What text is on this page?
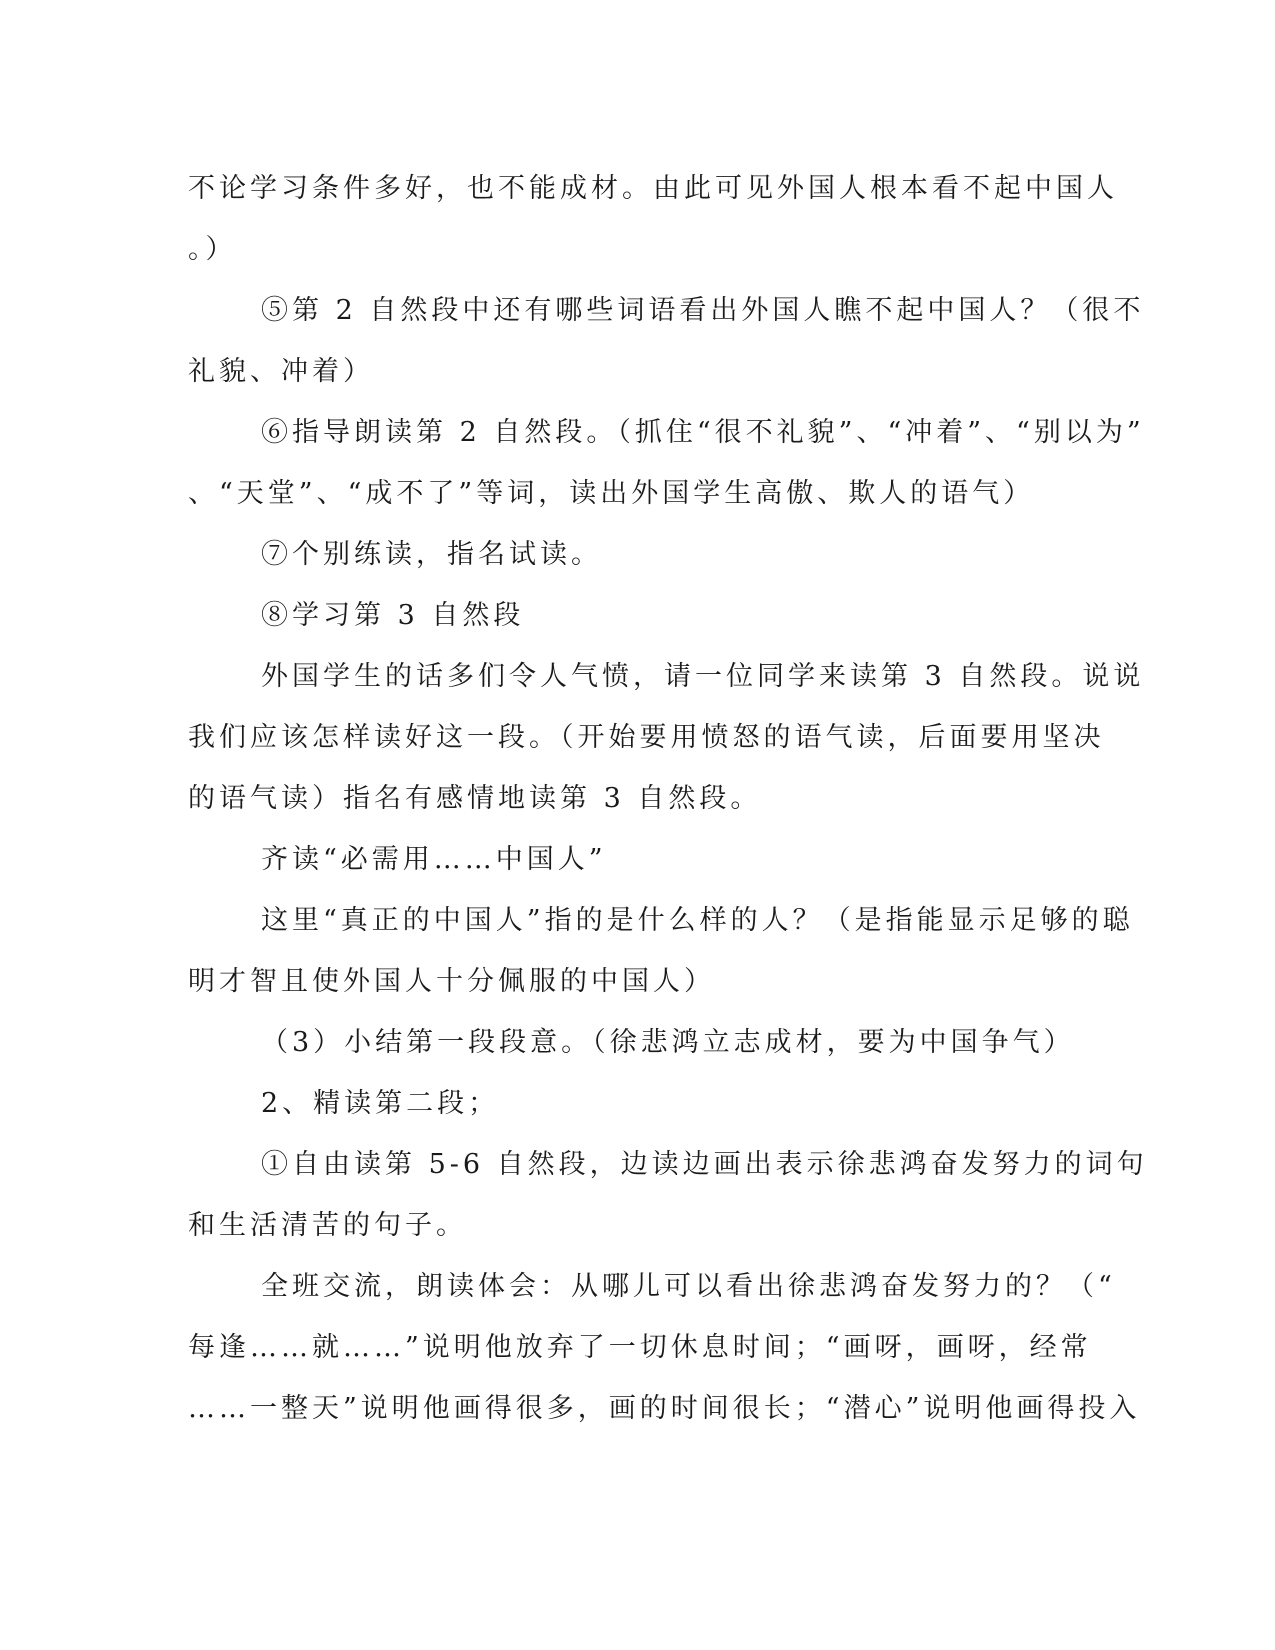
不论学习条件多好，也不能成材。由此可见外国人根本看不起中国人
。）
⑤第 2 自然段中还有哪些词语看出外国人瞧不起中国人？（很不
礼貌、冲着）
⑥指导朗读第 2 自然段。（抓住“很不礼貌”、“冲着”、“别以为”
、“天堂”、“成不了”等词，读出外国学生高傲、欺人的语气）
⑦个别练读，指名试读。
⑧学习第 3 自然段
外国学生的话多们令人气愤，请一位同学来读第 3 自然段。说说
我们应该怎样读好这一段。（开始要用愤怒的语气读，后面要用坚决
的语气读）指名有感情地读第 3 自然段。
齐读“必需用……中国人”
这里“真正的中国人”指的是什么样的人？（是指能显示足够的聪
明才智且使外国人十分佩服的中国人）
（3）小结第一段段意。（徐悲鸿立志成材，要为中国争气）
2、精读第二段；
①自由读第 5-6 自然段，边读边画出表示徐悲鸿奋发努力的词句
和生活清苦的句子。
全班交流，朗读体会：从哪儿可以看出徐悲鸿奋发努力的？（“
每逢……就……”说明他放弃了一切休息时间；“画呀，画呀，经常
……一整天”说明他画得很多，画的时间很长；“潜心”说明他画得投入
